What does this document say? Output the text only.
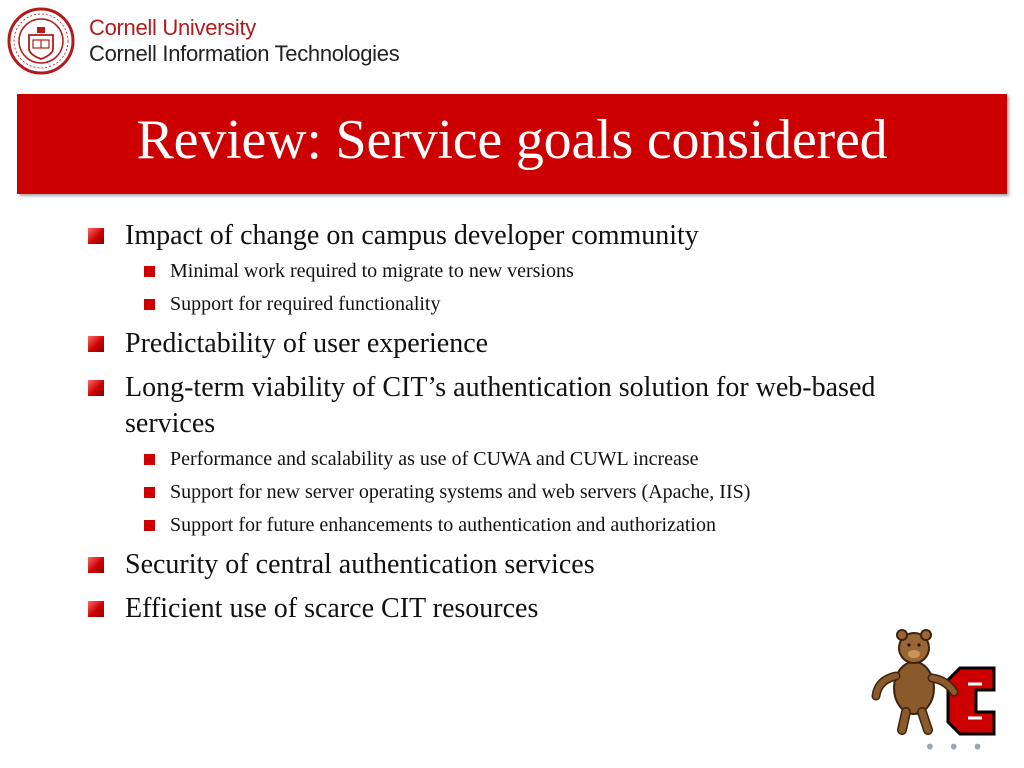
Cornell University
Cornell Information Technologies
Review: Service goals considered
Impact of change on campus developer community
Minimal work required to migrate to new versions
Support for required functionality
Predictability of user experience
Long-term viability of CIT’s authentication solution for web-based services
Performance and scalability as use of CUWA and CUWL increase
Support for new server operating systems and web servers (Apache, IIS)
Support for future enhancements to authentication and authorization
Security of central authentication services
Efficient use of scarce CIT resources
•••
